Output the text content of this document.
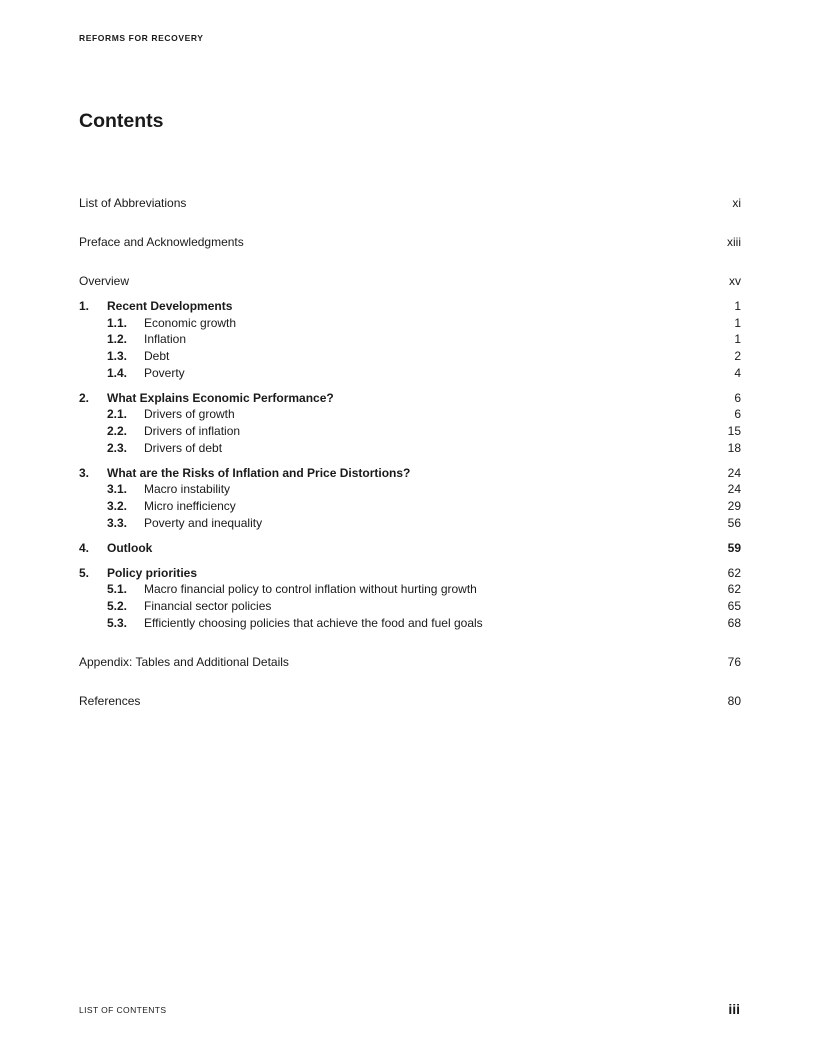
REFORMS FOR RECOVERY
Contents
List of Abbreviations	xi
Preface and Acknowledgments	xiii
Overview	xv
1. Recent Developments	1
1.1. Economic growth	1
1.2. Inflation	1
1.3. Debt	2
1.4. Poverty	4
2. What Explains Economic Performance?	6
2.1. Drivers of growth	6
2.2. Drivers of inflation	15
2.3. Drivers of debt	18
3. What are the Risks of Inflation and Price Distortions?	24
3.1. Macro instability	24
3.2. Micro inefficiency	29
3.3. Poverty and inequality	56
4. Outlook	59
5. Policy priorities	62
5.1. Macro financial policy to control inflation without hurting growth	62
5.2. Financial sector policies	65
5.3. Efficiently choosing policies that achieve the food and fuel goals	68
Appendix: Tables and Additional Details	76
References	80
LIST OF CONTENTS	iii
